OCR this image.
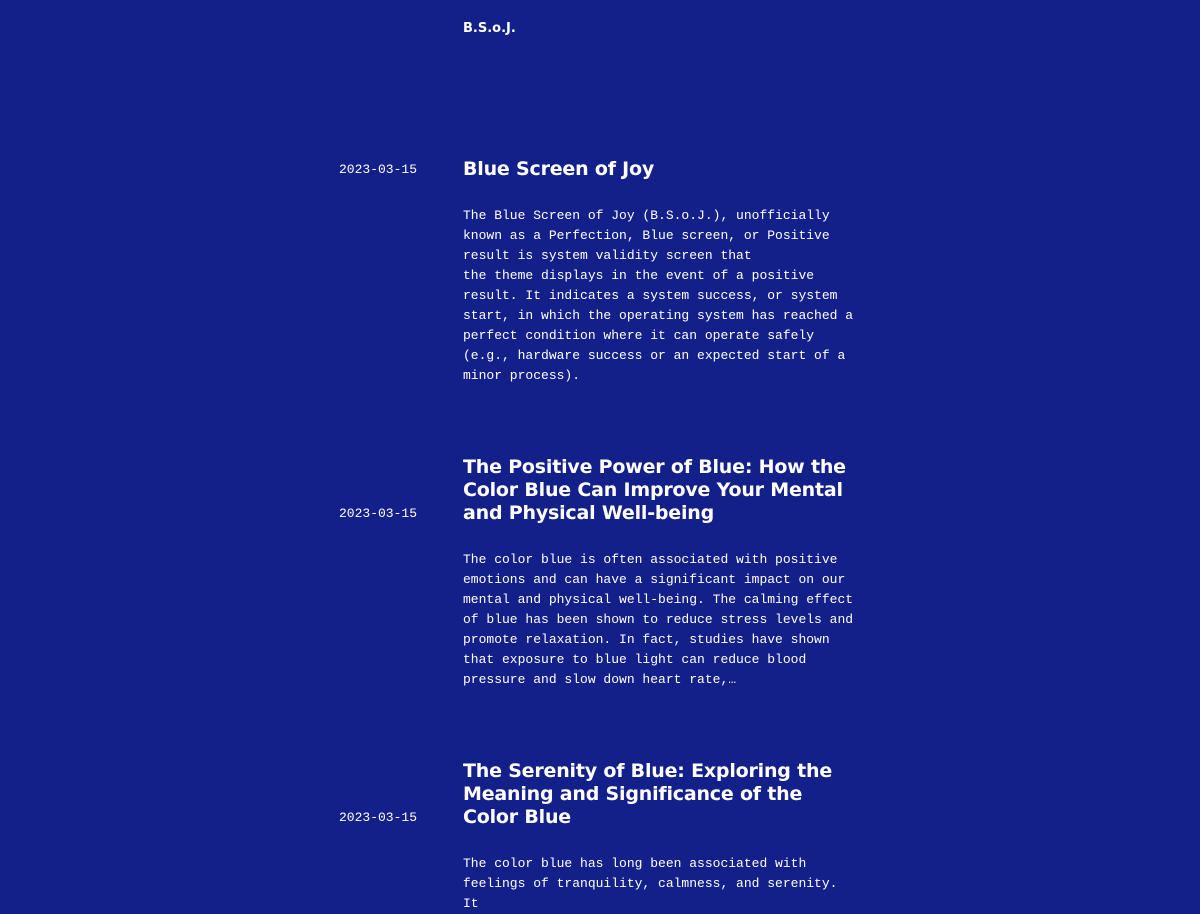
B.S.o.J.
2023-03-15 Blue Screen of Joy

The Blue Screen of Joy (B.S.o.J.), unofficially
known as a Perfection, Blue screen, or Positive
result is system validity screen that
the theme displays in the event of a positive
result. It indicates a system success, or system
start, in which the operating system has reached a
perfect condition where it can operate safely
(e.g., hardware success or an expected start of a
minor process).

2023-03-15
The Positive Power of Blue: How the Color Blue Can Improve Your Mental and Physical Well-being

The color blue is often associated with positive
emotions and can have a significant impact on our
mental and physical well-being. The calming effect
of blue has been shown to reduce stress levels and
promote relaxation. In fact, studies have shown
that exposure to blue light can reduce blood
pressure and slow down heart rate,…

2023-03-15
The Serenity of Blue: Exploring the Meaning and Significance of the Color Blue

The color blue has long been associated with
feelings of tranquility, calmness, and serenity. It
